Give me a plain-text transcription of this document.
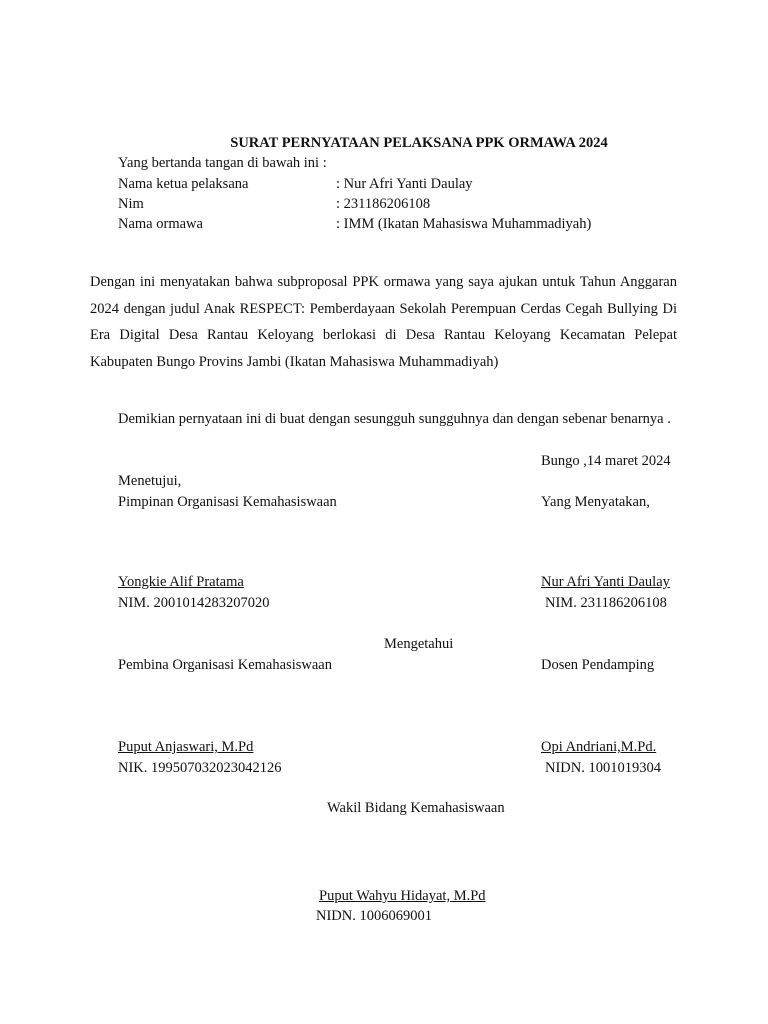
SURAT PERNYATAAN PELAKSANA PPK ORMAWA 2024
Yang bertanda tangan di bawah ini :
Nama ketua pelaksana	: Nur Afri Yanti Daulay
Nim	: 231186206108
Nama ormawa	: IMM (Ikatan Mahasiswa Muhammadiyah)
Dengan ini menyatakan bahwa subproposal PPK ormawa yang saya ajukan untuk Tahun Anggaran 2024 dengan judul Anak RESPECT: Pemberdayaan Sekolah Perempuan Cerdas Cegah Bullying Di Era Digital Desa Rantau Keloyang berlokasi di Desa Rantau Keloyang Kecamatan Pelepat Kabupaten Bungo Provins Jambi (Ikatan Mahasiswa Muhammadiyah)
Demikian pernyataan ini di buat dengan sesungguh sungguhnya dan dengan sebenar benarnya .
Bungo ,14 maret 2024
Menetujui,
Pimpinan Organisasi Kemahasiswaan	Yang Menyatakan,
Yongkie Alif Pratama	Nur Afri Yanti Daulay
NIM. 2001014283207020	NIM. 231186206108
Mengetahui
Pembina Organisasi Kemahasiswaan	Dosen Pendamping
Puput Anjaswari, M.Pd	Opi Andriani,M.Pd.
NIK. 199507032023042126	NIDN. 1001019304
Wakil Bidang Kemahasiswaan
Puput Wahyu Hidayat, M.Pd
NIDN. 1006069001
